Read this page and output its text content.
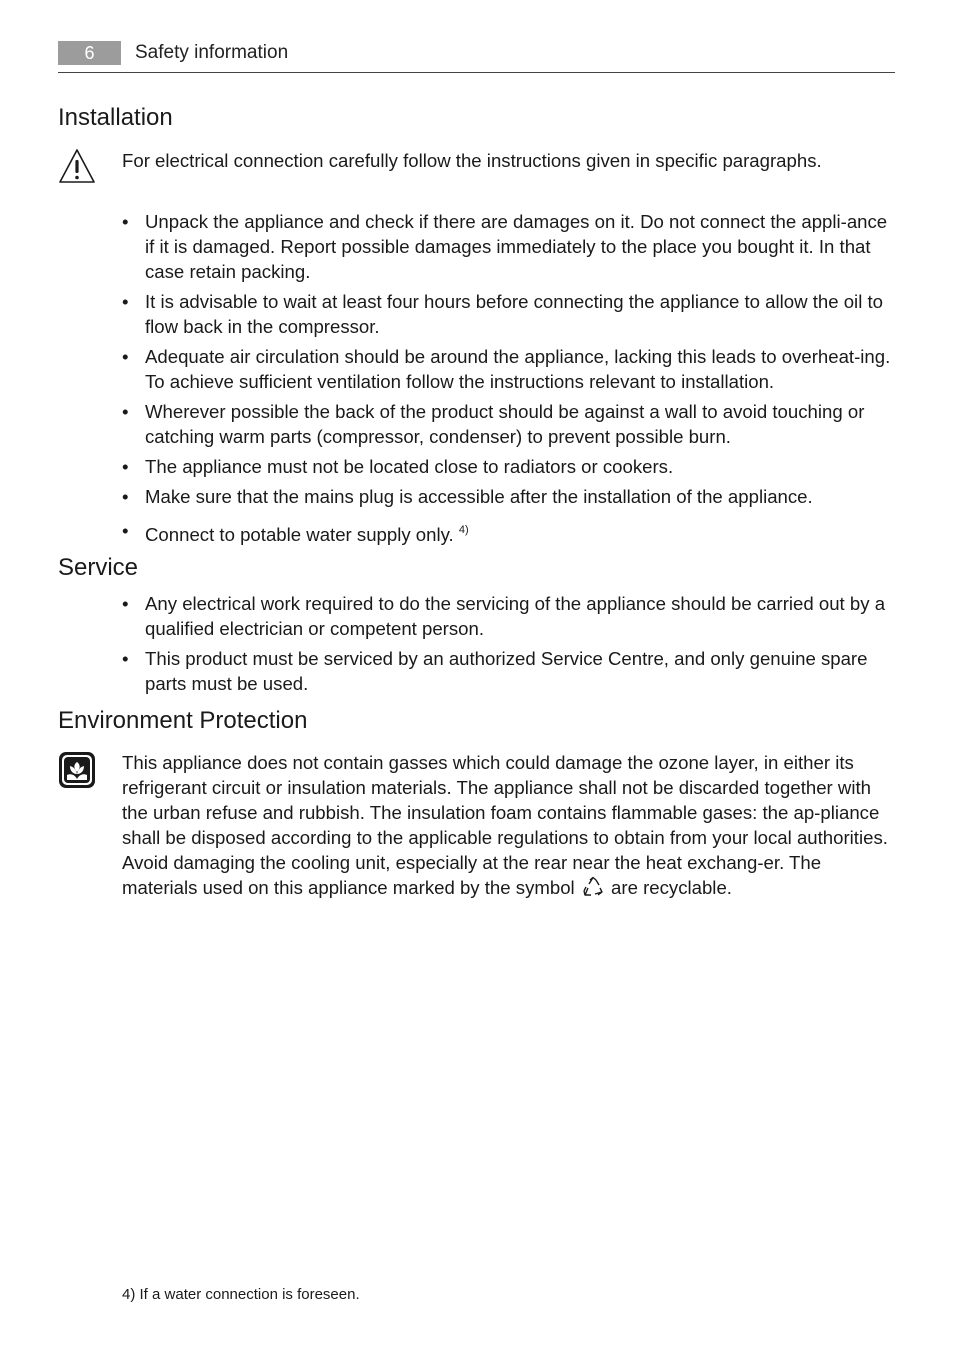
6	Safety information
Installation

For electrical connection carefully follow the instructions given in specific paragraphs.

• Unpack the appliance and check if there are damages on it. Do not connect the appli-ance if it is damaged. Report possible damages immediately to the place you bought it. In that case retain packing.
• It is advisable to wait at least four hours before connecting the appliance to allow the oil to flow back in the compressor.
• Adequate air circulation should be around the appliance, lacking this leads to overheat-ing. To achieve sufficient ventilation follow the instructions relevant to installation.
• Wherever possible the back of the product should be against a wall to avoid touching or catching warm parts (compressor, condenser) to prevent possible burn.
• The appliance must not be located close to radiators or cookers.
• Make sure that the mains plug is accessible after the installation of the appliance.
• Connect to potable water supply only. $^{4)}$
Service
• Any electrical work required to do the servicing of the appliance should be carried out by a qualified electrician or competent person.
• This product must be serviced by an authorized Service Centre, and only genuine spare parts must be used.
Environment Protection

This appliance does not contain gasses which could damage the ozone layer, in either its refrigerant circuit or insulation materials. The appliance shall not be discarded together with the urban refuse and rubbish. The insulation foam contains flammable gases: the ap-pliance shall be disposed according to the applicable regulations to obtain from your local authorities. Avoid damaging the cooling unit, especially at the rear near the heat exchang-er. The materials used on this appliance marked by the symbol are recyclable.

4) If a water connection is foreseen.
